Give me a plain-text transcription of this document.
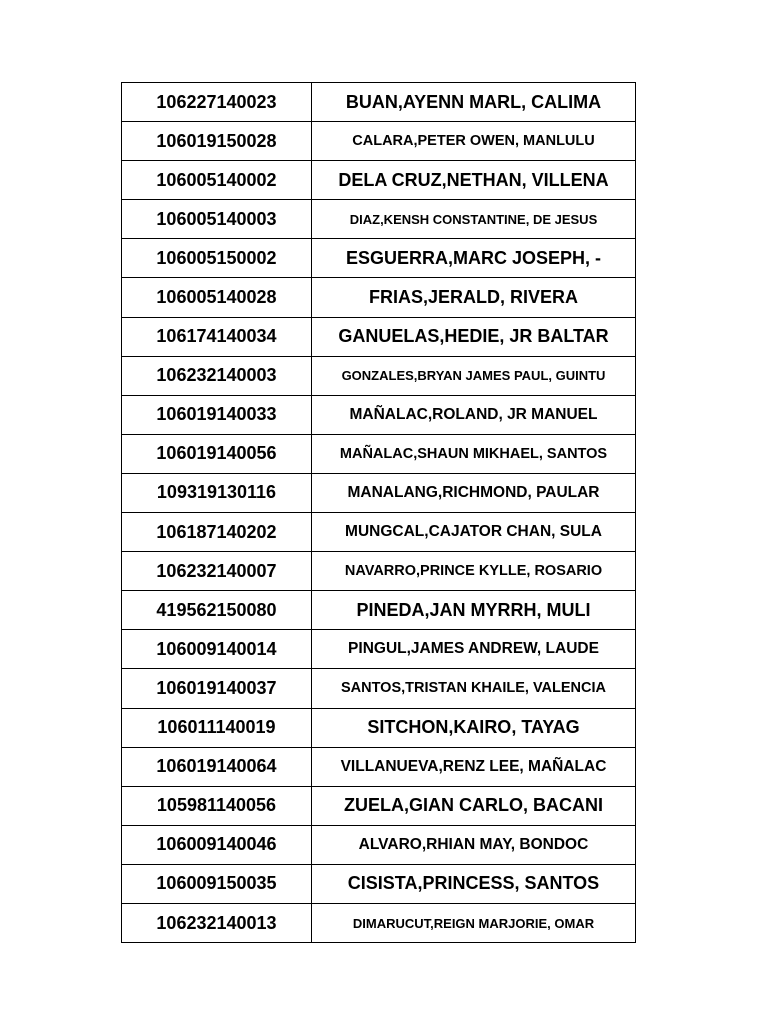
106227140023	BUAN,AYENN MARL, CALIMA
106019150028	CALARA,PETER OWEN, MANLULU
106005140002	DELA CRUZ,NETHAN, VILLENA
106005140003	DIAZ,KENSH CONSTANTINE, DE JESUS
106005150002	ESGUERRA,MARC JOSEPH, -
106005140028	FRIAS,JERALD, RIVERA
106174140034	GANUELAS,HEDIE, JR BALTAR
106232140003	GONZALES,BRYAN JAMES PAUL, GUINTU
106019140033	MAÑALAC,ROLAND, JR MANUEL
106019140056	MAÑALAC,SHAUN MIKHAEL, SANTOS
109319130116	MANALANG,RICHMOND, PAULAR
106187140202	MUNGCAL,CAJATOR CHAN, SULA
106232140007	NAVARRO,PRINCE KYLLE, ROSARIO
419562150080	PINEDA,JAN MYRRH, MULI
106009140014	PINGUL,JAMES ANDREW, LAUDE
106019140037	SANTOS,TRISTAN KHAILE, VALENCIA
106011140019	SITCHON,KAIRO, TAYAG
106019140064	VILLANUEVA,RENZ LEE, MAÑALAC
105981140056	ZUELA,GIAN CARLO, BACANI
106009140046	ALVARO,RHIAN MAY, BONDOC
106009150035	CISISTA,PRINCESS, SANTOS
106232140013	DIMARUCUT,REIGN MARJORIE, OMAR
